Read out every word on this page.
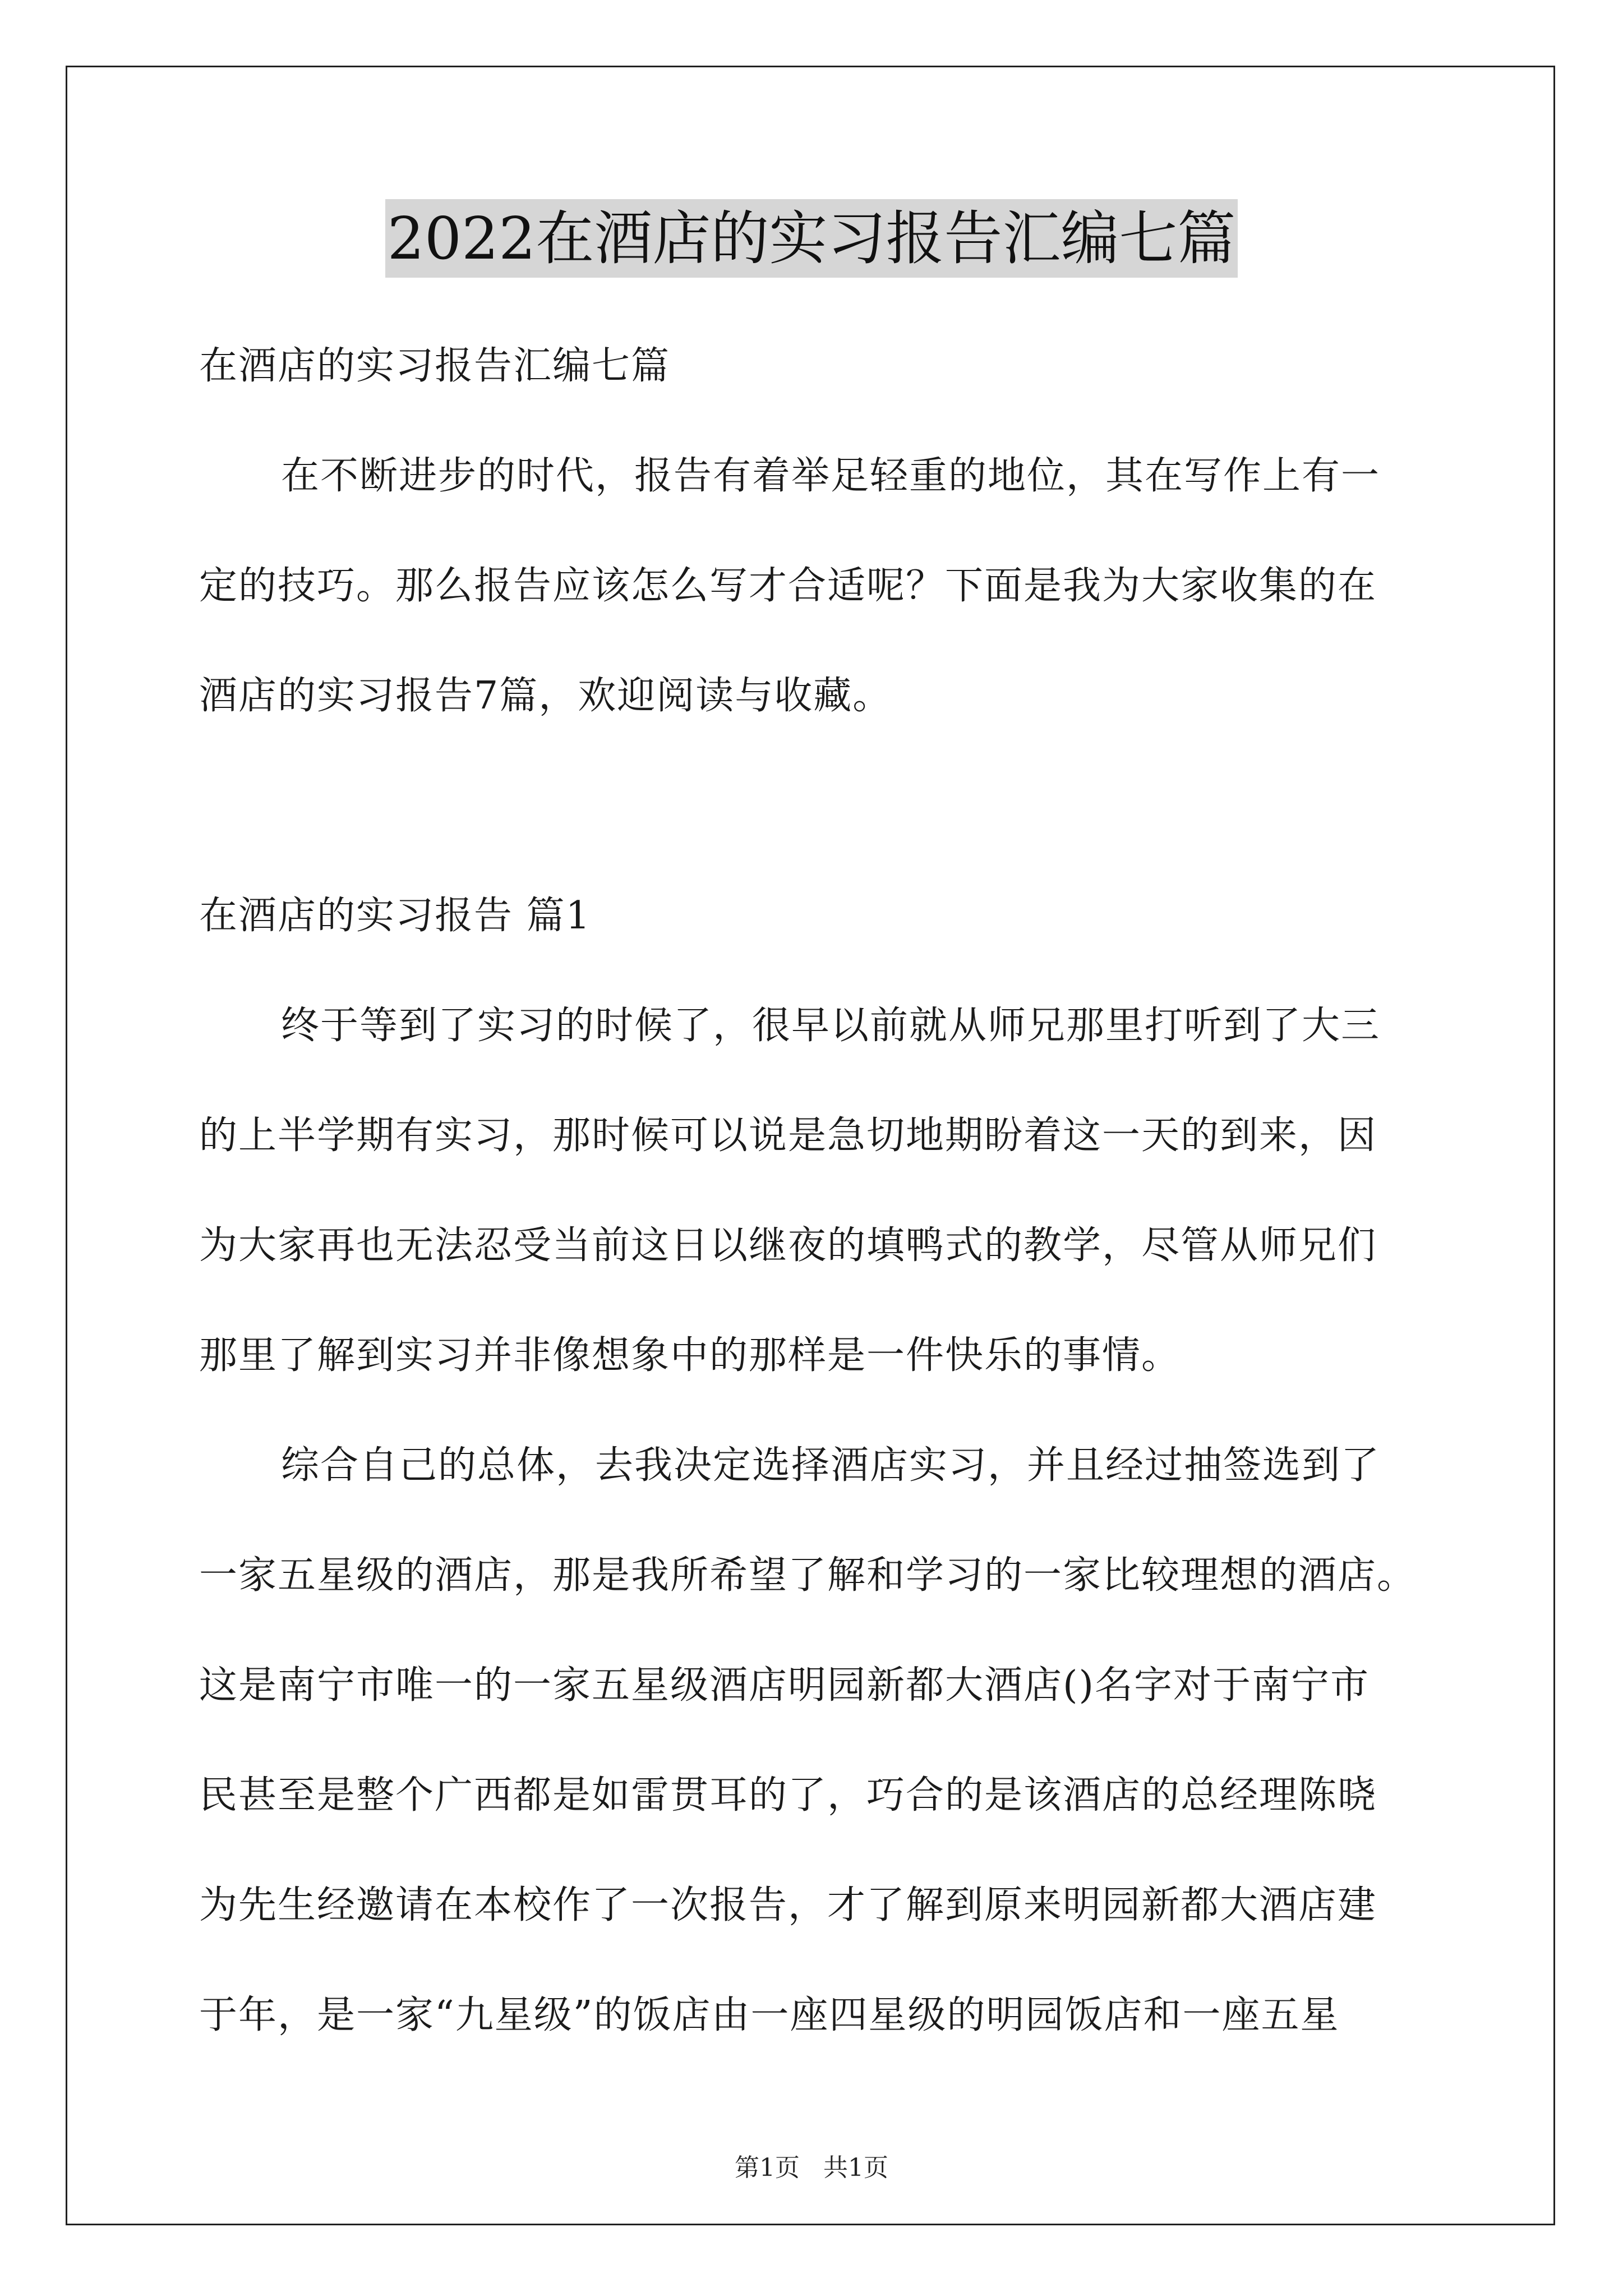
2022在酒店的实习报告汇编七篇
在酒店的实习报告汇编七篇
在不断进步的时代，报告有着举足轻重的地位，其在写作上有一
定的技巧。那么报告应该怎么写才合适呢？下面是我为大家收集的在
酒店的实习报告7篇，欢迎阅读与收藏。
在酒店的实习报告 篇1
终于等到了实习的时候了，很早以前就从师兄那里打听到了大三
的上半学期有实习，那时候可以说是急切地期盼着这一天的到来，因
为大家再也无法忍受当前这日以继夜的填鸭式的教学，尽管从师兄们
那里了解到实习并非像想象中的那样是一件快乐的事情。
综合自己的总体，去我决定选择酒店实习，并且经过抽签选到了
一家五星级的酒店，那是我所希望了解和学习的一家比较理想的酒店。
这是南宁市唯一的一家五星级酒店明园新都大酒店()名字对于南宁市
民甚至是整个广西都是如雷贯耳的了，巧合的是该酒店的总经理陈晓
为先生经邀请在本校作了一次报告，才了解到原来明园新都大酒店建
于年，是一家“九星级”的饭店由一座四星级的明园饭店和一座五星
第1页 共1页
